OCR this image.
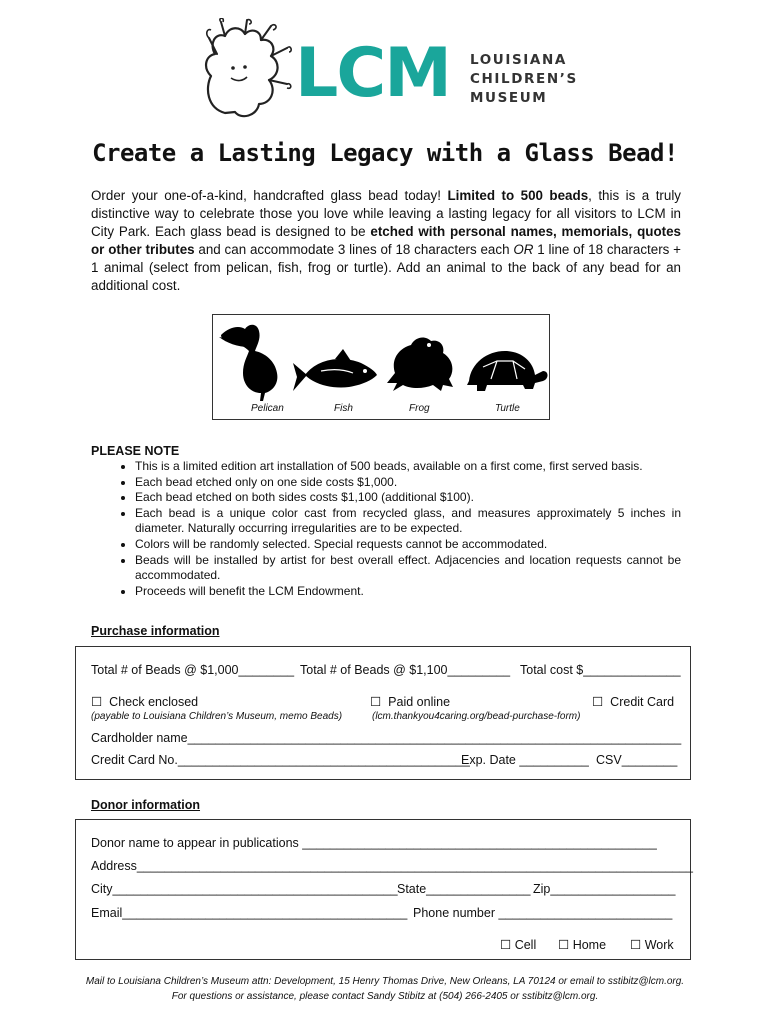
LCM LOUISIANA
CHILDREN’S
MUSEUM
Create a Lasting Legacy with a Glass Bead!
Order your one-of-a-kind, handcrafted glass bead today! Limited to 500 beads, this is a truly distinctive way to celebrate those you love while leaving a lasting legacy for all visitors to LCM in City Park. Each glass bead is designed to be etched with personal names, memorials, quotes or other tributes and can accommodate 3 lines of 18 characters each OR 1 line of 18 characters + 1 animal (select from pelican, fish, frog or turtle). Add an animal to the back of any bead for an additional cost.
Pelican	Fish	Frog	Turtle
PLEASE NOTE
• This is a limited edition art installation of 500 beads, available on a first come, first served basis.
• Each bead etched only on one side costs $1,000.
• Each bead etched on both sides costs $1,100 (additional $100).
• Each bead is a unique color cast from recycled glass, and measures approximately 5 inches in diameter. Naturally occurring irregularities are to be expected.
• Colors will be randomly selected. Special requests cannot be accommodated.
• Beads will be installed by artist for best overall effect. Adjacencies and location requests cannot be accommodated.
• Proceeds will benefit the LCM Endowment.
Purchase information
Total # of Beads @ $1,000________ Total # of Beads @ $1,100_________ Total cost $______________
☐ Check enclosed
(payable to Louisiana Children’s Museum, memo Beads)
☐ Paid online
(lcm.thankyou4caring.org/bead-purchase-form)
☐ Credit Card
Cardholder name_______________________________________________________________________
Credit Card No.__________________________________________
Exp. Date __________ CSV________
Donor information
Donor name to appear in publications ___________________________________________________
Address________________________________________________________________________________
City_________________________________________ State_______________ Zip__________________
Email_________________________________________ Phone number _________________________
☐ Cell ☐ Home ☐ Work
Mail to Louisiana Children’s Museum attn: Development, 15 Henry Thomas Drive, New Orleans, LA 70124 or email to sstibitz@lcm.org.
For questions or assistance, please contact Sandy Stibitz at (504) 266-2405 or sstibitz@lcm.org.
